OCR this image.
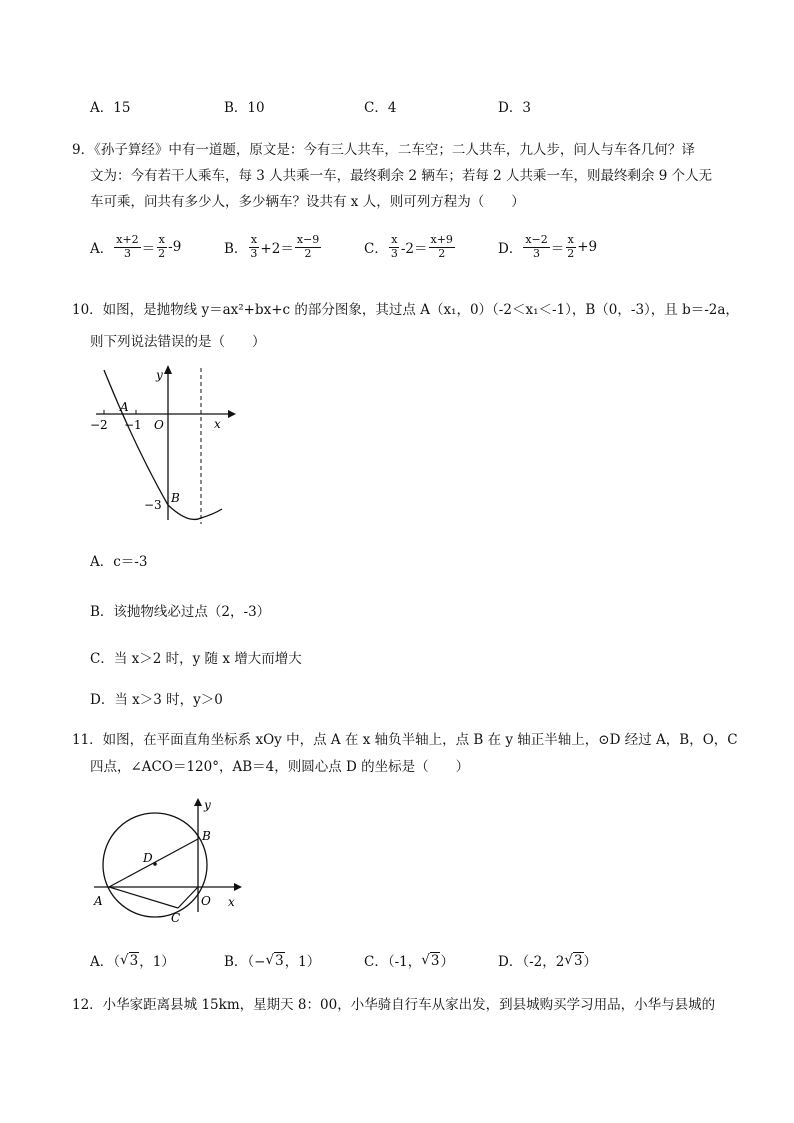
A．15	B．10	C．4	D．3
9．《孙子算经》中有一道题，原文是：今有三人共车，二车空；二人共车，九人步，问人与车各几何？译
文为：今有若干人乘车，每 3 人共乘一车，最终剩余 2 辆车；若每 2 人共乘一车，则最终剩余 9 个人无
车可乘，问共有多少人，多少辆车？设共有 x 人，则可列方程为（　　）
A． $\frac{x+2}{3} = \frac{x}{2} -9$	B． $\frac{x}{3} +2= \frac{x-9}{2}$	C． $\frac{x}{3} -2= \frac{x+9}{2}$	D． $\frac{x-2}{3} = \frac{x}{2} +9$
10．如图，是抛物线 y＝ax²+bx+c 的部分图象，其过点 A（x₁，0）（-2＜x₁＜-1），B（0，-3），且 b＝-2a，
则下列说法错误的是（　　）
y
x
A
O
−2 −1
−3 B
A．c＝-3
B．该抛物线必过点（2，-3）
C．当 x＞2 时，y 随 x 增大而增大
D．当 x＞3 时，y＞0
11．如图，在平面直角坐标系 xOy 中，点 A 在 x 轴负半轴上，点 B 在 y 轴正半轴上，⊙D 经过 A，B，O，C
四点，∠ACO＝120°，AB＝4，则圆心点 D 的坐标是（　　）
y
x
A
B
C
D
O
A．（ √ 3 ，1）	B．（− √ 3 ，1）	C．（-1， √ 3 ）	D．（-2，2 √ 3 ）
12．小华家距离县城 15km，星期天 8：00，小华骑自行车从家出发，到县城购买学习用品，小华与县城的
